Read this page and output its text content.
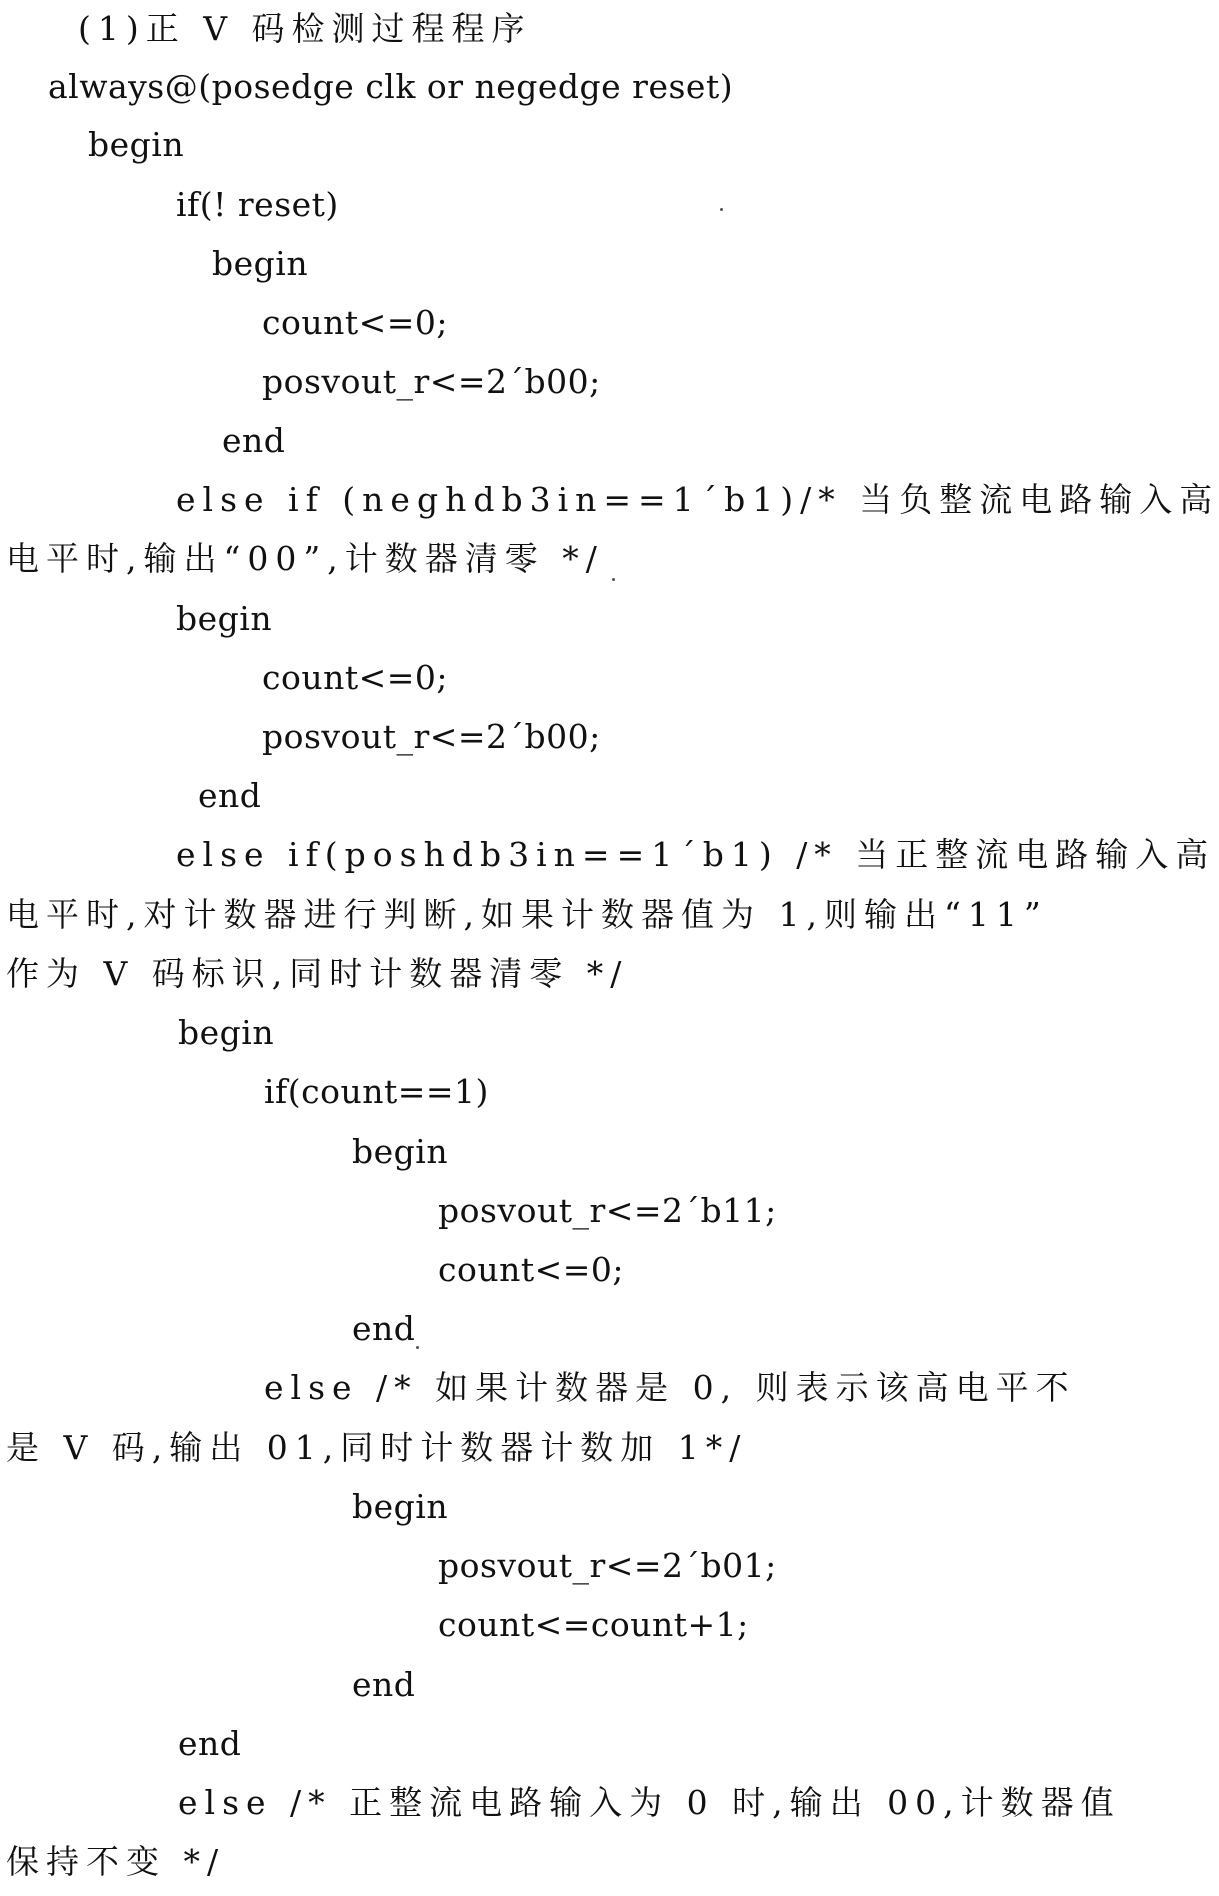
(1)正 V 码检测过程程序
always@(posedge clk or negedge reset)
begin
if(! reset)
begin
count<=0;
posvout_r<=2´b00;
end
else if (neghdb3in==1´b1)/* 当负整流电路输入高
电平时,输出“00”,计数器清零 */
begin
count<=0;
posvout_r<=2´b00;
end
else if(poshdb3in==1´b1) /* 当正整流电路输入高
电平时,对计数器进行判断,如果计数器值为 1,则输出“11”
作为 V 码标识,同时计数器清零 */
begin
if(count==1)
begin
posvout_r<=2´b11;
count<=0;
end
else /* 如果计数器是 0, 则表示该高电平不
是 V 码,输出 01,同时计数器计数加 1*/
begin
posvout_r<=2´b01;
count<=count+1;
end
end
else /* 正整流电路输入为 0 时,输出 00,计数器值
保持不变 */
